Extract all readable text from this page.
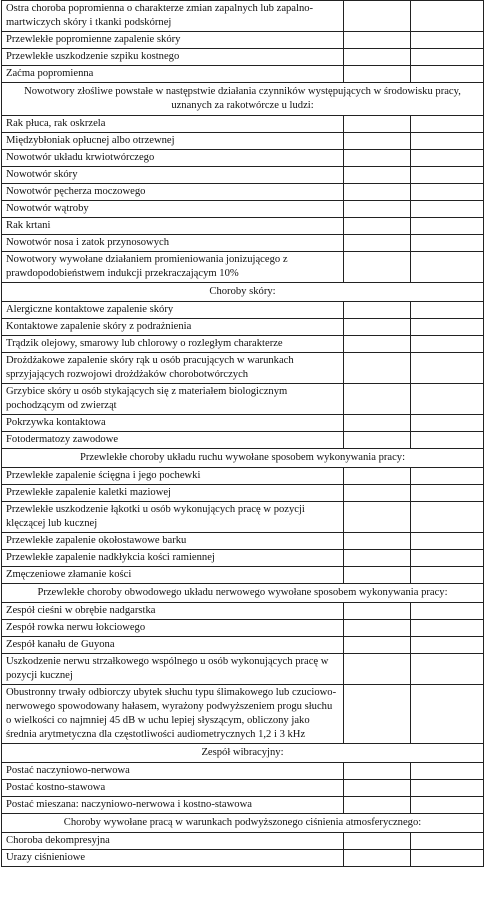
Ostra choroba popromienna o charakterze zmian zapalnych lub zapalno-martwiczych skóry i tkanki podskórnej		
Przewlekłe popromienne zapalenie skóry		
Przewlekłe uszkodzenie szpiku kostnego		
Zaćma popromienna		
Nowotwory złośliwe powstałe w następstwie działania czynników występujących w środowisku pracy, uznanych za rakotwórcze u ludzi:		
Rak płuca, rak oskrzela		
Międzybłoniak opłucnej albo otrzewnej		
Nowotwór układu krwiotwórczego		
Nowotwór skóry		
Nowotwór pęcherza moczowego		
Nowotwór wątroby		
Rak krtani		
Nowotwór nosa i zatok przynosowych		
Nowotwory wywołane działaniem promieniowania jonizującego z prawdopodobieństwem indukcji przekraczającym 10%		
Choroby skóry:		
Alergiczne kontaktowe zapalenie skóry		
Kontaktowe zapalenie skóry z podrażnienia		
Trądzik olejowy, smarowy lub chlorowy o rozległym charakterze		
Drożdżakowe zapalenie skóry rąk u osób pracujących w warunkach sprzyjających rozwojowi drożdżaków chorobotwórczych		
Grzybice skóry u osób stykających się z materiałem biologicznym pochodzącym od zwierząt		
Pokrzywka kontaktowa		
Fotodermatozy zawodowe		
Przewlekłe choroby układu ruchu wywołane sposobem wykonywania pracy:		
Przewlekłe zapalenie ścięgna i jego pochewki		
Przewlekłe zapalenie kaletki maziowej		
Przewlekłe uszkodzenie łąkotki u osób wykonujących pracę w pozycji klęczącej lub kucznej		
Przewlekłe zapalenie okołostawowe barku		
Przewlekłe zapalenie nadkłykcia kości ramiennej		
Zmęczeniowe złamanie kości		
Przewlekłe choroby obwodowego układu nerwowego wywołane sposobem wykonywania pracy:		
Zespół cieśni w obrębie nadgarstka		
Zespół rowka nerwu łokciowego		
Zespół kanału de Guyona		
Uszkodzenie nerwu strzałkowego wspólnego u osób wykonujących pracę w pozycji kucznej		
Obustronny trwały odbiorczy ubytek słuchu typu ślimakowego lub czuciowo-nerwowego spowodowany hałasem, wyrażony podwyższeniem progu słuchu o wielkości co najmniej 45 dB w uchu lepiej słyszącym, obliczony jako średnia arytmetyczna dla częstotliwości audiometrycznych 1,2 i 3 kHz		
Zespół wibracyjny:		
Postać naczyniowo-nerwowa		
Postać kostno-stawowa		
Postać mieszana: naczyniowo-nerwowa i kostno-stawowa		
Choroby wywołane pracą w warunkach podwyższonego ciśnienia atmosferycznego:		
Choroba dekompresyjna		
Urazy ciśnieniowe		
